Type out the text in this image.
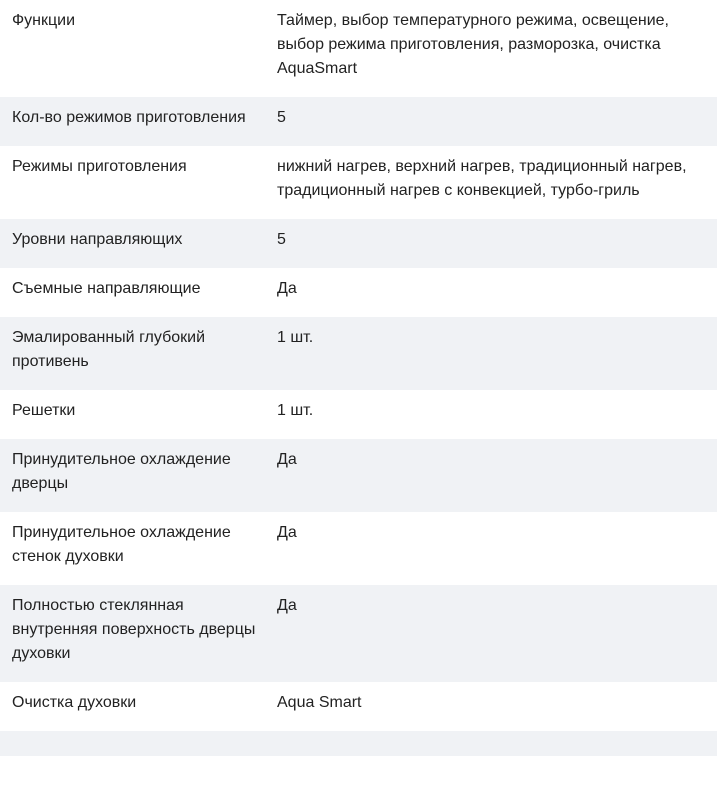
Функции	Таймер, выбор температурного режима, освещение, выбор режима приготовления, разморозка, очистка AquaSmart
Кол-во режимов приготовления	5
Режимы приготовления	нижний нагрев, верхний нагрев, традиционный нагрев, традиционный нагрев с конвекцией, турбо-гриль
Уровни направляющих	5
Съемные направляющие	Да
Эмалированный глубокий противень	1 шт.
Решетки	1 шт.
Принудительное охлаждение дверцы	Да
Принудительное охлаждение стенок духовки	Да
Полностью стеклянная внутренняя поверхность дверцы духовки	Да
Очистка духовки	Aqua Smart
